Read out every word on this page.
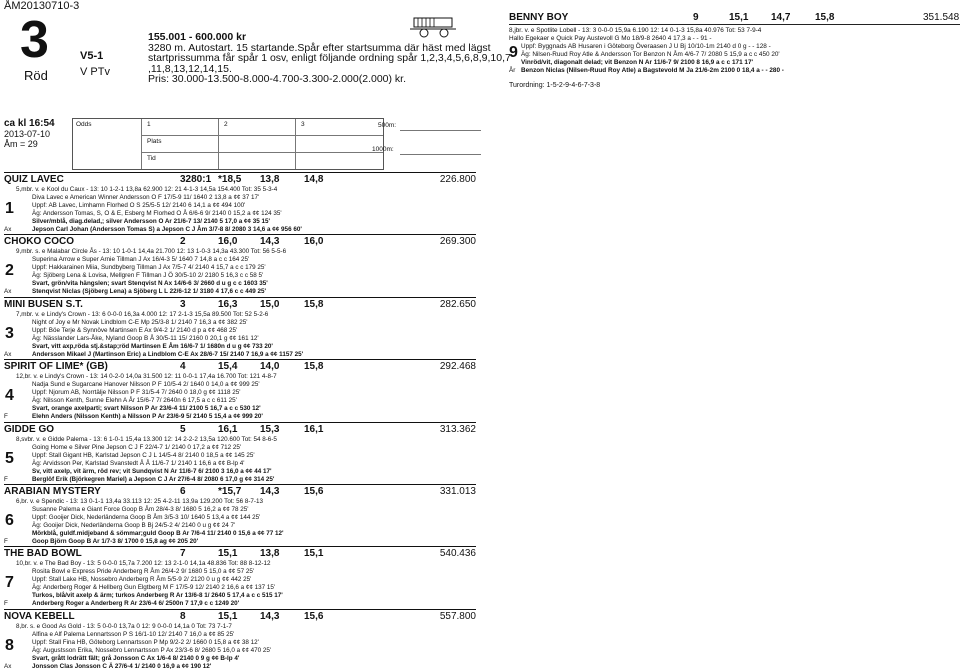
ÅM20130710-3
3
Röd
V5-1
V PTv
155.001 - 600.000 kr
3280 m. Autostart. 15 startande.Spår efter startsumma där häst med lägst
startprissumma får spår 1 osv, enligt följande ordning spår 1,2,3,4,5,6,8,9,10,7
,11,8,13,12,14,15.
Pris: 30.000-13.500-8.000-4.700-3.300-2.000(2.000) kr.
BENNY BOY	9	15,1 14,7 15,8	351.548
8,jbr. v. e Spotlite Lobell - 13: 3 0-0-0 15,9a 6.190 12: 14 0-1-3 15,8a 40.976 Tot: 53 7-9-4
Hallo Egekaer e Quick Pay Austevoll G Mo 18/9-8 2640 4 17,3 a - - 91 -
Uppf: Byggnads AB Husaren i Göteborg Överaasen J U Bj 10/10-1m 2140 d 0 g - - 128 -
Äg: Nilsen-Ruud Roy Atle & Andersson Tor Benzon N Åm 4/6-7 7/ 2080 5 15,9 a c c 450 20'
Vinröd/vit, diagonalt delad; vit Benzon N Ar 11/6-7 9/ 2100 8 16,9 a c c 171 17'
Benzon Niclas (Nilsen-Ruud Roy Atle) a Bagstevold M Ja 21/6-2m 2100 0 18,4 a - - 280 -
9
År
Turordning: 1-5-2-9-4-6-7-3-8
ca kl 16:54
2013-07-10
Åm = 29
Odds	1	2	3
Plats
Tid
500m:
1000m:
QUIZ LAVEC	3280:1 *18,5 13,8 14,8	226.800
1
5,mbr. v. e Kool du Caux - 13: 10 1-2-1 13,8a 62.900 12: 21 4-1-3 14,5a 154.400 Tot: 35 5-3-4
Diva Lavec e American Winner Andersson O F 17/5-9 11/ 1640 2 13,8 a ¢¢ 37 17'
Uppf: AB Lavec, Limhamn Florhed O S 25/5-5 12/ 2140 6 14,1 a ¢¢ 494 100'
Äg: Andersson Tomas, S, O & E, Esberg M Florhed O Å 6/6-6 9/ 2140 0 15,2 a ¢¢ 124 35'
Silver/mblå, diag.delad,; silver Andersson O Ar 21/6-7 13/ 2140 5 17,0 a ¢¢ 35 15'
Jepson Carl Johan (Andersson Tomas S) a Jepson C J Åm 3/7-8 8/ 2080 3 14,6 a ¢¢ 956 60'
Ax
CHOKO COCO	2	16,0 14,3 16,0	269.300
2
9,mbr. s. e Malabar Circle Ås - 13: 10 1-0-1 14,4a 21.700 12: 13 1-0-3 14,3a 43.300 Tot: 56 5-5-6
Superina Arrow e Super Arnie Tillman J Ax 16/4-3 5/ 1640 7 14,8 a c c 164 25'
Uppf: Hakkarainen Miia, Sundbyberg Tillman J Ax 7/5-7 4/ 2140 4 15,7 a c c 179 25'
Äg: Sjöberg Lena & Lovisa, Mellgren F Tillman J Ö 30/5-10 2/ 2180 5 16,3 c c 58 5'
Svart, grön/vita hängslen; svart Stenqvist N Ax 14/6-6 3/ 2660 d u g c c 1603 35'
Stenqvist Niclas (Sjöberg Lena) a Sjöberg L L 22/6-12 1/ 3180 4 17,6 c c 449 25'
Ax
MINI BUSEN S.T.	3	16,3 15,0 15,8	282.650
3
7,mbr. v. e Lindy's Crown - 13: 6 0-0-0 16,3a 4.000 12: 17 2-1-3 15,5a 89.500 Tot: 52 5-2-6
Night of Joy e Mr Novak Lindblom C-E Mp 25/3-8 1/ 2140 7 16,3 a ¢¢ 382 25'
Uppf: Böe Terje & Synnöve Martinsen E Ax 9/4-2 1/ 2140 d p a ¢¢ 468 25'
Äg: Nässlander Lars-Åke, Nyland Goop B Å 30/5-11 15/ 2160 0 20,1 g ¢¢ 161 12'
Svart, vitt axp,röda stj.&stap;röd Martinsen E Åm 16/6-7 1/ 1680n d u g ¢¢ 733 20'
Andersson Mikael J (Martinson Eric) a Lindblom C-E Ax 28/6-7 15/ 2140 7 16,9 a ¢¢ 1157 25'
Ax
SPIRIT OF LIME* (GB)	4	15,4 14,0 15,8	292.468
4
12,br. v. e Lindy's Crown - 13: 14 0-2-0 14,0a 31.500 12: 11 0-0-1 17,4a 16.700 Tot: 121 4-8-7
Nadja Sund e Sugarcane Hanover Nilsson P F 10/5-4 2/ 1640 0 14,0 a ¢¢ 999 25'
Uppf: Njorum AB, Norrtälje Nilsson P F 31/5-4 7/ 2640 0 18,0 g ¢¢ 1118 25'
Äg: Nilsson Kenth, Sunne Elehn A År 15/6-7 7/ 2640n 6 17,5 a c c 611 25'
Svart, orange axelparti; svart Nilsson P Ar 23/6-4 11/ 2100 5 16,7 a c c 530 12'
Elehn Anders (Nilsson Kenth) a Nilsson P Ar 23/6-9 5/ 2140 5 15,4 a ¢¢ 999 20'
F
GIDDE GO	5	16,1 15,3 16,1	313.362
5
8,svbr. v. e Gidde Palema - 13: 6 1-0-1 15,4a 13.300 12: 14 2-2-2 13,5a 120.600 Tot: 54 8-6-5
Going Home e Silver Pine Jepson C J F 22/4-7 1/ 2140 0 17,2 a ¢¢ 712 25'
Uppf: Stall Gigant HB, Karlstad Jepson C J L 14/5-4 8/ 2140 0 18,5 a ¢¢ 145 25'
Äg: Arvidsson Per, Karlstad Svanstedt Å Å 11/6-7 1/ 2140 1 16,6 a ¢¢ B-lp 4'
Sv, vitt axelp, vit ärm, röd rev; vit Sundqvist N Ar 11/6-7 6/ 2100 3 16,0 a ¢¢ 44 17'
Berglöf Erik (Björkegren Mariel) a Jepson C J Ar 27/6-4 8/ 2080 6 17,0 g ¢¢ 314 25'
F
ARABIAN MYSTERY	6	*15,7 14,3 15,6	331.013
6
6,br. v. e Spendic - 13: 13 0-1-1 13,4a 33.113 12: 25 4-2-11 13,9a 129.200 Tot: 56 8-7-13
Susanne Palema e Giant Force Goop B Åm 28/4-3 8/ 1680 5 16,2 a ¢¢ 78 25'
Uppf: Gooijer Dick, Nederländerna Goop B Åm 3/5-3 10/ 1640 5 13,4 a ¢¢ 144 25'
Äg: Gooijer Dick, Nederländerna Goop B Bj 24/5-2 4/ 2140 0 u g ¢¢ 24 7'
Mörkblå, guldf.midjeband & sömmar;guld Goop B Ar 7/6-4 11/ 2140 0 15,6 a ¢¢ 77 12'
Goop Björn Goop B Ar 1/7-3 8/ 1700 0 15,8 ag ¢¢ 205 20'
F
THE BAD BOWL	7	15,1 13,8 15,1	540.436
7
10,br. v. e The Bad Boy - 13: 5 0-0-0 15,7a 7.200 12: 13 2-1-0 14,1a 48.836 Tot: 88 8-12-12
Rosita Bowl e Express Pride Anderberg R Åm 26/4-2 9/ 1680 5 15,0 a ¢¢ 57 25'
Uppf: Stall Lake HB, Nossebro Anderberg R Åm 5/5-9 2/ 2120 0 u g ¢¢ 442 25'
Äg: Anderberg Roger & Hellberg Gun Elgtberg M F 17/5-9 12/ 2140 2 16,6 a ¢¢ 137 15'
Turkos, blå/vit axelp & ärm; turkos Anderberg R Ar 13/6-8 1/ 2640 5 17,4 a c c 515 17'
Anderberg Roger a Anderberg R Ar 23/6-4 6/ 2500n 7 17,9 c c 1249 20'
F
NOVA KEBELL	8	15,1 14,3 15,6	557.800
8
8,br. s. e Good As Gold - 13: 5 0-0-0 13,7a 0 12: 9 0-0-0 14,1a 0 Tot: 73 7-1-7
Alfina e Alf Palema Lennartsson P S 16/1-10 12/ 2140 7 16,0 a ¢¢ 85 25'
Uppf: Stall Fina HB, Göteborg Lennartsson P Mp 9/2-2 2/ 1660 0 15,8 a ¢¢ 38 12'
Äg: Augustsson Erika, Nossebro Lennartsson P Ax 23/3-6 8/ 2680 5 16,0 a ¢¢ 470 25'
Svart, grått lodrätt fält; grå Jonsson C Ax 1/6-4 8/ 2140 0 9 g ¢¢ B-lp 4'
Jonsson Clas Jonsson C Ä 27/6-4 1/ 2140 0 16,9 a ¢¢ 190 12'
Ax
